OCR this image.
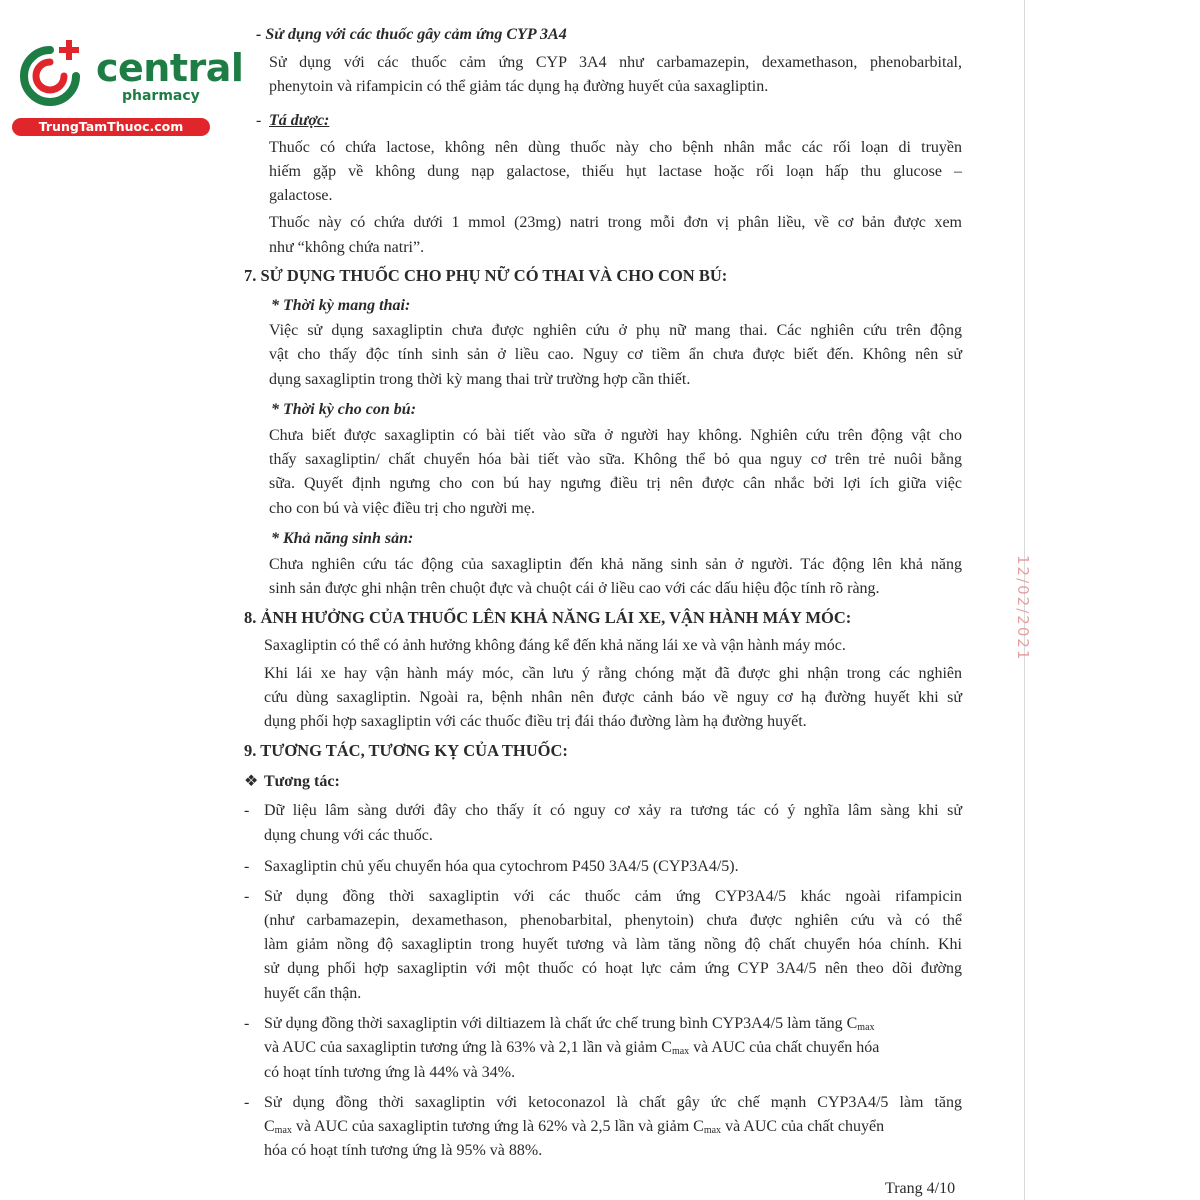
central
pharmacy
TrungTamThuoc.com
- Sử dụng với các thuốc gây cảm ứng CYP 3A4
Sử dụng với các thuốc cảm ứng CYP 3A4 như carbamazepin, dexamethason, phenobarbital,
phenytoin và rifampicin có thể giảm tác dụng hạ đường huyết của saxagliptin.
- Tá dược:
Thuốc có chứa lactose, không nên dùng thuốc này cho bệnh nhân mắc các rối loạn di truyền
hiếm gặp về không dung nạp galactose, thiếu hụt lactase hoặc rối loạn hấp thu glucose –
galactose.
Thuốc này có chứa dưới 1 mmol (23mg) natri trong mỗi đơn vị phân liều, về cơ bản được xem
như “không chứa natri”.
7. SỬ DỤNG THUỐC CHO PHỤ NỮ CÓ THAI VÀ CHO CON BÚ:
* Thời kỳ mang thai:
Việc sử dụng saxagliptin chưa được nghiên cứu ở phụ nữ mang thai. Các nghiên cứu trên động
vật cho thấy độc tính sinh sản ở liều cao. Nguy cơ tiềm ẩn chưa được biết đến. Không nên sử
dụng saxagliptin trong thời kỳ mang thai trừ trường hợp cần thiết.
* Thời kỳ cho con bú:
Chưa biết được saxagliptin có bài tiết vào sữa ở người hay không. Nghiên cứu trên động vật cho
thấy saxagliptin/ chất chuyển hóa bài tiết vào sữa. Không thể bỏ qua nguy cơ trên trẻ nuôi bằng
sữa. Quyết định ngưng cho con bú hay ngưng điều trị nên được cân nhắc bởi lợi ích giữa việc
cho con bú và việc điều trị cho người mẹ.
* Khả năng sinh sản:
Chưa nghiên cứu tác động của saxagliptin đến khả năng sinh sản ở người. Tác động lên khả năng
sinh sản được ghi nhận trên chuột đực và chuột cái ở liều cao với các dấu hiệu độc tính rõ ràng.
8. ẢNH HƯỞNG CỦA THUỐC LÊN KHẢ NĂNG LÁI XE, VẬN HÀNH MÁY MÓC:
Saxagliptin có thể có ảnh hưởng không đáng kể đến khả năng lái xe và vận hành máy móc.
Khi lái xe hay vận hành máy móc, cần lưu ý rằng chóng mặt đã được ghi nhận trong các nghiên
cứu dùng saxagliptin. Ngoài ra, bệnh nhân nên được cảnh báo về nguy cơ hạ đường huyết khi sử
dụng phối hợp saxagliptin với các thuốc điều trị đái tháo đường làm hạ đường huyết.
9. TƯƠNG TÁC, TƯƠNG KỴ CỦA THUỐC:
❖ Tương tác:
- Dữ liệu lâm sàng dưới đây cho thấy ít có nguy cơ xảy ra tương tác có ý nghĩa lâm sàng khi sử
dụng chung với các thuốc.
- Saxagliptin chủ yếu chuyển hóa qua cytochrom P450 3A4/5 (CYP3A4/5).
- Sử dụng đồng thời saxagliptin với các thuốc cảm ứng CYP3A4/5 khác ngoài rifampicin
(như carbamazepin, dexamethason, phenobarbital, phenytoin) chưa được nghiên cứu và có thể
làm giảm nồng độ saxagliptin trong huyết tương và làm tăng nồng độ chất chuyển hóa chính. Khi
sử dụng phối hợp saxagliptin với một thuốc có hoạt lực cảm ứng CYP 3A4/5 nên theo dõi đường
huyết cẩn thận.
- Sử dụng đồng thời saxagliptin với diltiazem là chất ức chế trung bình CYP3A4/5 làm tăng $C_{max}$
và AUC của saxagliptin tương ứng là 63% và 2,1 lần và giảm $C_{max}$ và AUC của chất chuyển hóa
có hoạt tính tương ứng là 44% và 34%.
- Sử dụng đồng thời saxagliptin với ketoconazol là chất gây ức chế mạnh CYP3A4/5 làm tăng
$C_{max}$ và AUC của saxagliptin tương ứng là 62% và 2,5 lần và giảm $C_{max}$ và AUC của chất chuyển
hóa có hoạt tính tương ứng là 95% và 88%.
Trang 4/10
12/02/2021
